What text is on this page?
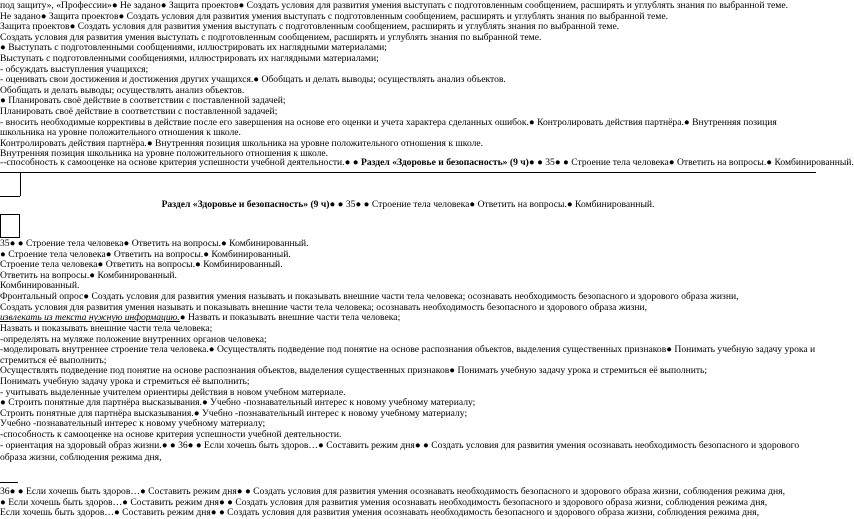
под защиту», «Профессии»● Не задано● Защита проектов● Создать условия для развития умения выступать с подготовленным сообщением, расширять и углублять знания по выбранной теме.
Не задано● Защита проектов● Создать условия для развития умения выступать с подготовленным сообщением, расширять и углублять знания по выбранной теме.
Защита проектов● Создать условия для развития умения выступать с подготовленным сообщением, расширять и углублять знания по выбранной теме.
Создать условия для развития умения выступать с подготовленным сообщением, расширять и углублять знания по выбранной теме.
● Выступать с подготовленными сообщениями, иллюстрировать их наглядными материалами;
Выступать с подготовленными сообщениями, иллюстрировать их наглядными материалами;
- обсуждать выступления учащихся;
- оценивать свои достижения и достижения других учащихся.● Обобщать и делать выводы; осуществлять анализ объектов.
Обобщать и делать выводы; осуществлять анализ объектов.
● Планировать своё действие в соответствии с поставленной задачей;
Планировать своё действие в соответствии с поставленной задачей;
- вносить необходимые коррективы в действие после его завершения на основе его оценки и учета характера сделанных ошибок.● Контролировать действия партнёра.● Внутренняя позиция школьника на уровне положительного отношения к школе.
Контролировать действия партнёра.● Внутренняя позиция школьника на уровне положительного отношения к школе.
Внутренняя позиция школьника на уровне положительного отношения к школе.
--способность к самооценке на основе критерия успешности учебной деятельности.● ● Раздел «Здоровье и безопасность» (9 ч)● ● 35● ● Строение тела человека● Ответить на вопросы.● Комбинированный.
Раздел «Здоровье и безопасность» (9 ч)● ● 35● ● Строение тела человека● Ответить на вопросы.● Комбинированный.
35● ● Строение тела человека● Ответить на вопросы.● Комбинированный.
● Строение тела человека● Ответить на вопросы.● Комбинированный.
Строение тела человека● Ответить на вопросы.● Комбинированный.
Ответить на вопросы.● Комбинированный.
Комбинированный.
Фронтальный опрос● Создать условия для развития умения называть и показывать внешние части тела человека; осознавать необходимость безопасного и здорового образа жизни,
Создать условия для развития умения называть и показывать внешние части тела человека; осознавать необходимость безопасного и здорового образа жизни,
извлекать из текста нужную информацию.● Назвать и показывать внешние части тела человека;
Назвать и показывать внешние части тела человека;
-определять на муляже положение внутренних органов человека;
-моделировать внутреннее строение тела человека.● Осуществлять подведение под понятие на основе распознания объектов, выделения существенных признаков● Понимать учебную задачу урока и стремиться её выполнить;
Осуществлять подведение под понятие на основе распознания объектов, выделения существенных признаков● Понимать учебную задачу урока и стремиться её выполнить;
Понимать учебную задачу урока и стремиться её выполнить;
- учитывать выделенные учителем ориентиры действия в новом учебном материале.
● Строить понятные для партнёра высказывания.● Учебно -познавательный интерес к новому учебному материалу;
Строить понятные для партнёра высказывания.● Учебно -познавательный интерес к новому учебному материалу;
Учебно -познавательный интерес к новому учебному материалу;
-способность к самооценке на основе критерия успешности учебной деятельности.
- ориентация на здоровый образ жизни.● ● 36● ● Если хочешь быть здоров…● Составить режим дня● ● Создать условия для развития умения осознавать необходимость безопасного и здорового образа жизни, соблюдения режима дня,
36● ● Если хочешь быть здоров…● Составить режим дня● ● Создать условия для развития умения осознавать необходимость безопасного и здорового образа жизни, соблюдения режима дня,
● Если хочешь быть здоров…● Составить режим дня● ● Создать условия для развития умения осознавать необходимость безопасного и здорового образа жизни, соблюдения режима дня,
Если хочешь быть здоров…● Составить режим дня● ● Создать условия для развития умения осознавать необходимость безопасного и здорового образа жизни, соблюдения режима дня,
